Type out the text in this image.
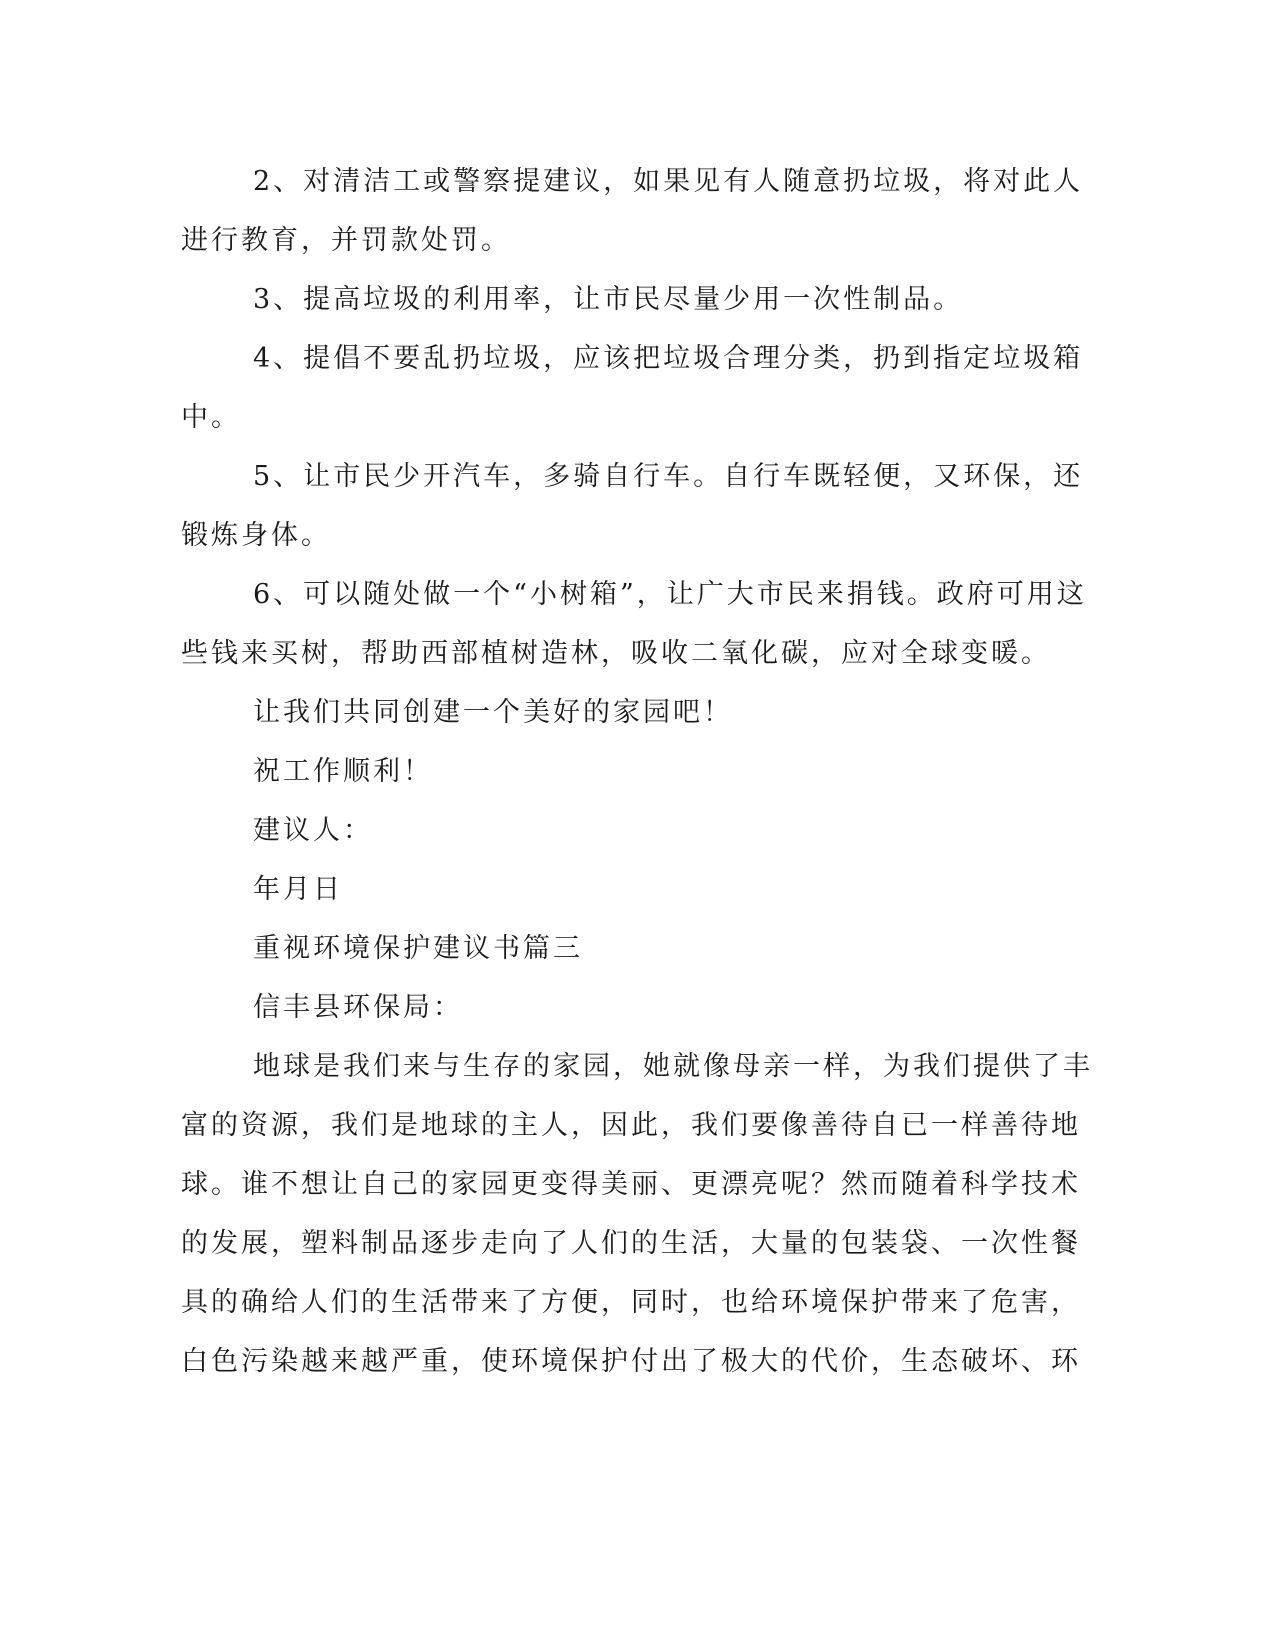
2、对清洁工或警察提建议，如果见有人随意扔垃圾，将对此人
进行教育，并罚款处罚。
3、提高垃圾的利用率，让市民尽量少用一次性制品。
4、提倡不要乱扔垃圾，应该把垃圾合理分类，扔到指定垃圾箱
中。
5、让市民少开汽车，多骑自行车。自行车既轻便，又环保，还
锻炼身体。
6、可以随处做一个“小树箱”，让广大市民来捐钱。政府可用这
些钱来买树，帮助西部植树造林，吸收二氧化碳，应对全球变暖。
让我们共同创建一个美好的家园吧！
祝工作顺利！
建议人：
年月日
重视环境保护建议书篇三
信丰县环保局：
地球是我们来与生存的家园，她就像母亲一样，为我们提供了丰
富的资源，我们是地球的主人，因此，我们要像善待自已一样善待地
球。谁不想让自己的家园更变得美丽、更漂亮呢？然而随着科学技术
的发展，塑料制品逐步走向了人们的生活，大量的包装袋、一次性餐
具的确给人们的生活带来了方便，同时，也给环境保护带来了危害，
白色污染越来越严重，使环境保护付出了极大的代价，生态破坏、环
